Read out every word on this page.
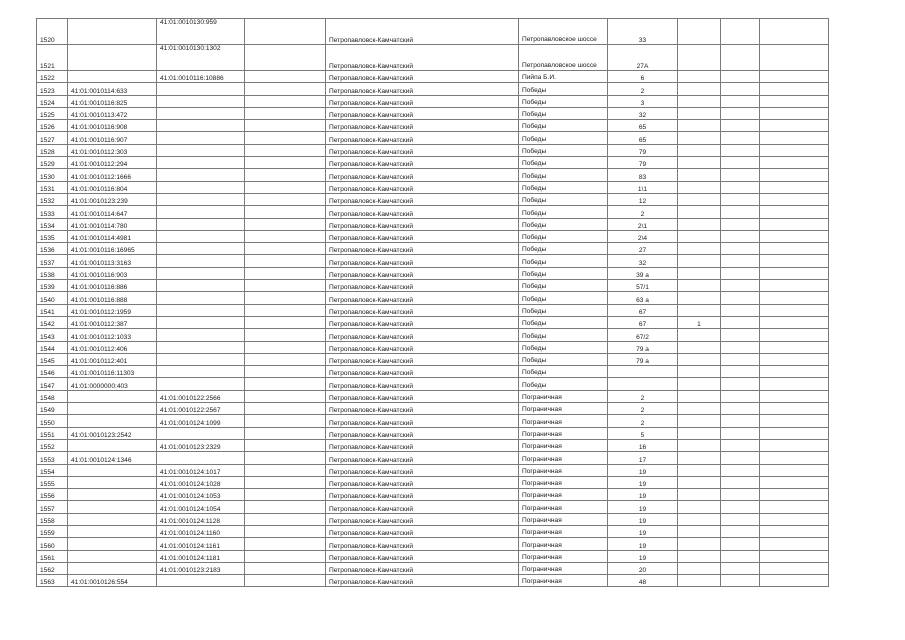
1520		41:01:0010130:959		Петропавловск-Камчатский	Петропавловское шоссе	33			
1521		41:01:0010130:1302		Петропавловск-Камчатский	Петропавловское шоссе	27А			
1522		41:01:0010116:10886		Петропавловск-Камчатский	Пийпа Б.И.	6			
1523	41:01:0010114:633			Петропавловск-Камчатский	Победы	2			
1524	41:01:0010116:825			Петропавловск-Камчатский	Победы	3			
1525	41:01:0010113:472			Петропавловск-Камчатский	Победы	32			
1526	41:01:0010116:908			Петропавловск-Камчатский	Победы	65			
1527	41:01:0010116:907			Петропавловск-Камчатский	Победы	65			
1528	41:01:0010112:303			Петропавловск-Камчатский	Победы	79			
1529	41:01:0010112:294			Петропавловск-Камчатский	Победы	79			
1530	41:01:0010112:1666			Петропавловск-Камчатский	Победы	83			
1531	41:01:0010116:804			Петропавловск-Камчатский	Победы	1\1			
1532	41:01:0010123:239			Петропавловск-Камчатский	Победы	12			
1533	41:01:0010114:647			Петропавловск-Камчатский	Победы	2			
1534	41:01:0010114:780			Петропавловск-Камчатский	Победы	2\1			
1535	41:01:0010114:4981			Петропавловск-Камчатский	Победы	2\4			
1536	41:01:0010116:16965			Петропавловск-Камчатский	Победы	27			
1537	41:01:0010113:3163			Петропавловск-Камчатский	Победы	32			
1538	41:01:0010116:903			Петропавловск-Камчатский	Победы	39 а			
1539	41:01:0010116:886			Петропавловск-Камчатский	Победы	57/1			
1540	41:01:0010116:888			Петропавловск-Камчатский	Победы	63 а			
1541	41:01:0010112:1959			Петропавловск-Камчатский	Победы	67			
1542	41:01:0010112:387			Петропавловск-Камчатский	Победы	67	1		
1543	41:01:0010112:1033			Петропавловск-Камчатский	Победы	67/2			
1544	41:01:0010112:406			Петропавловск-Камчатский	Победы	79 а			
1545	41:01:0010112:401			Петропавловск-Камчатский	Победы	79 а			
1546	41:01:0010116:11303			Петропавловск-Камчатский	Победы				
1547	41:01:0000000:403			Петропавловск-Камчатский	Победы				
1548		41:01:0010122:2566		Петропавловск-Камчатский	Пограничная	2			
1549		41:01:0010122:2567		Петропавловск-Камчатский	Пограничная	2			
1550		41:01:0010124:1099		Петропавловск-Камчатский	Пограничная	2			
1551	41:01:0010123:2542			Петропавловск-Камчатский	Пограничная	5			
1552		41:01:0010123:2329		Петропавловск-Камчатский	Пограничная	16			
1553	41:01:0010124:1346			Петропавловск-Камчатский	Пограничная	17			
1554		41:01:0010124:1017		Петропавловск-Камчатский	Пограничная	19			
1555		41:01:0010124:1028		Петропавловск-Камчатский	Пограничная	19			
1556		41:01:0010124:1053		Петропавловск-Камчатский	Пограничная	19			
1557		41:01:0010124:1054		Петропавловск-Камчатский	Пограничная	19			
1558		41:01:0010124:1128		Петропавловск-Камчатский	Пограничная	19			
1559		41:01:0010124:1160		Петропавловск-Камчатский	Пограничная	19			
1560		41:01:0010124:1161		Петропавловск-Камчатский	Пограничная	19			
1561		41:01:0010124:1181		Петропавловск-Камчатский	Пограничная	19			
1562		41:01:0010123:2183		Петропавловск-Камчатский	Пограничная	20			
1563	41:01:0010126:554			Петропавловск-Камчатский	Пограничная	48			
